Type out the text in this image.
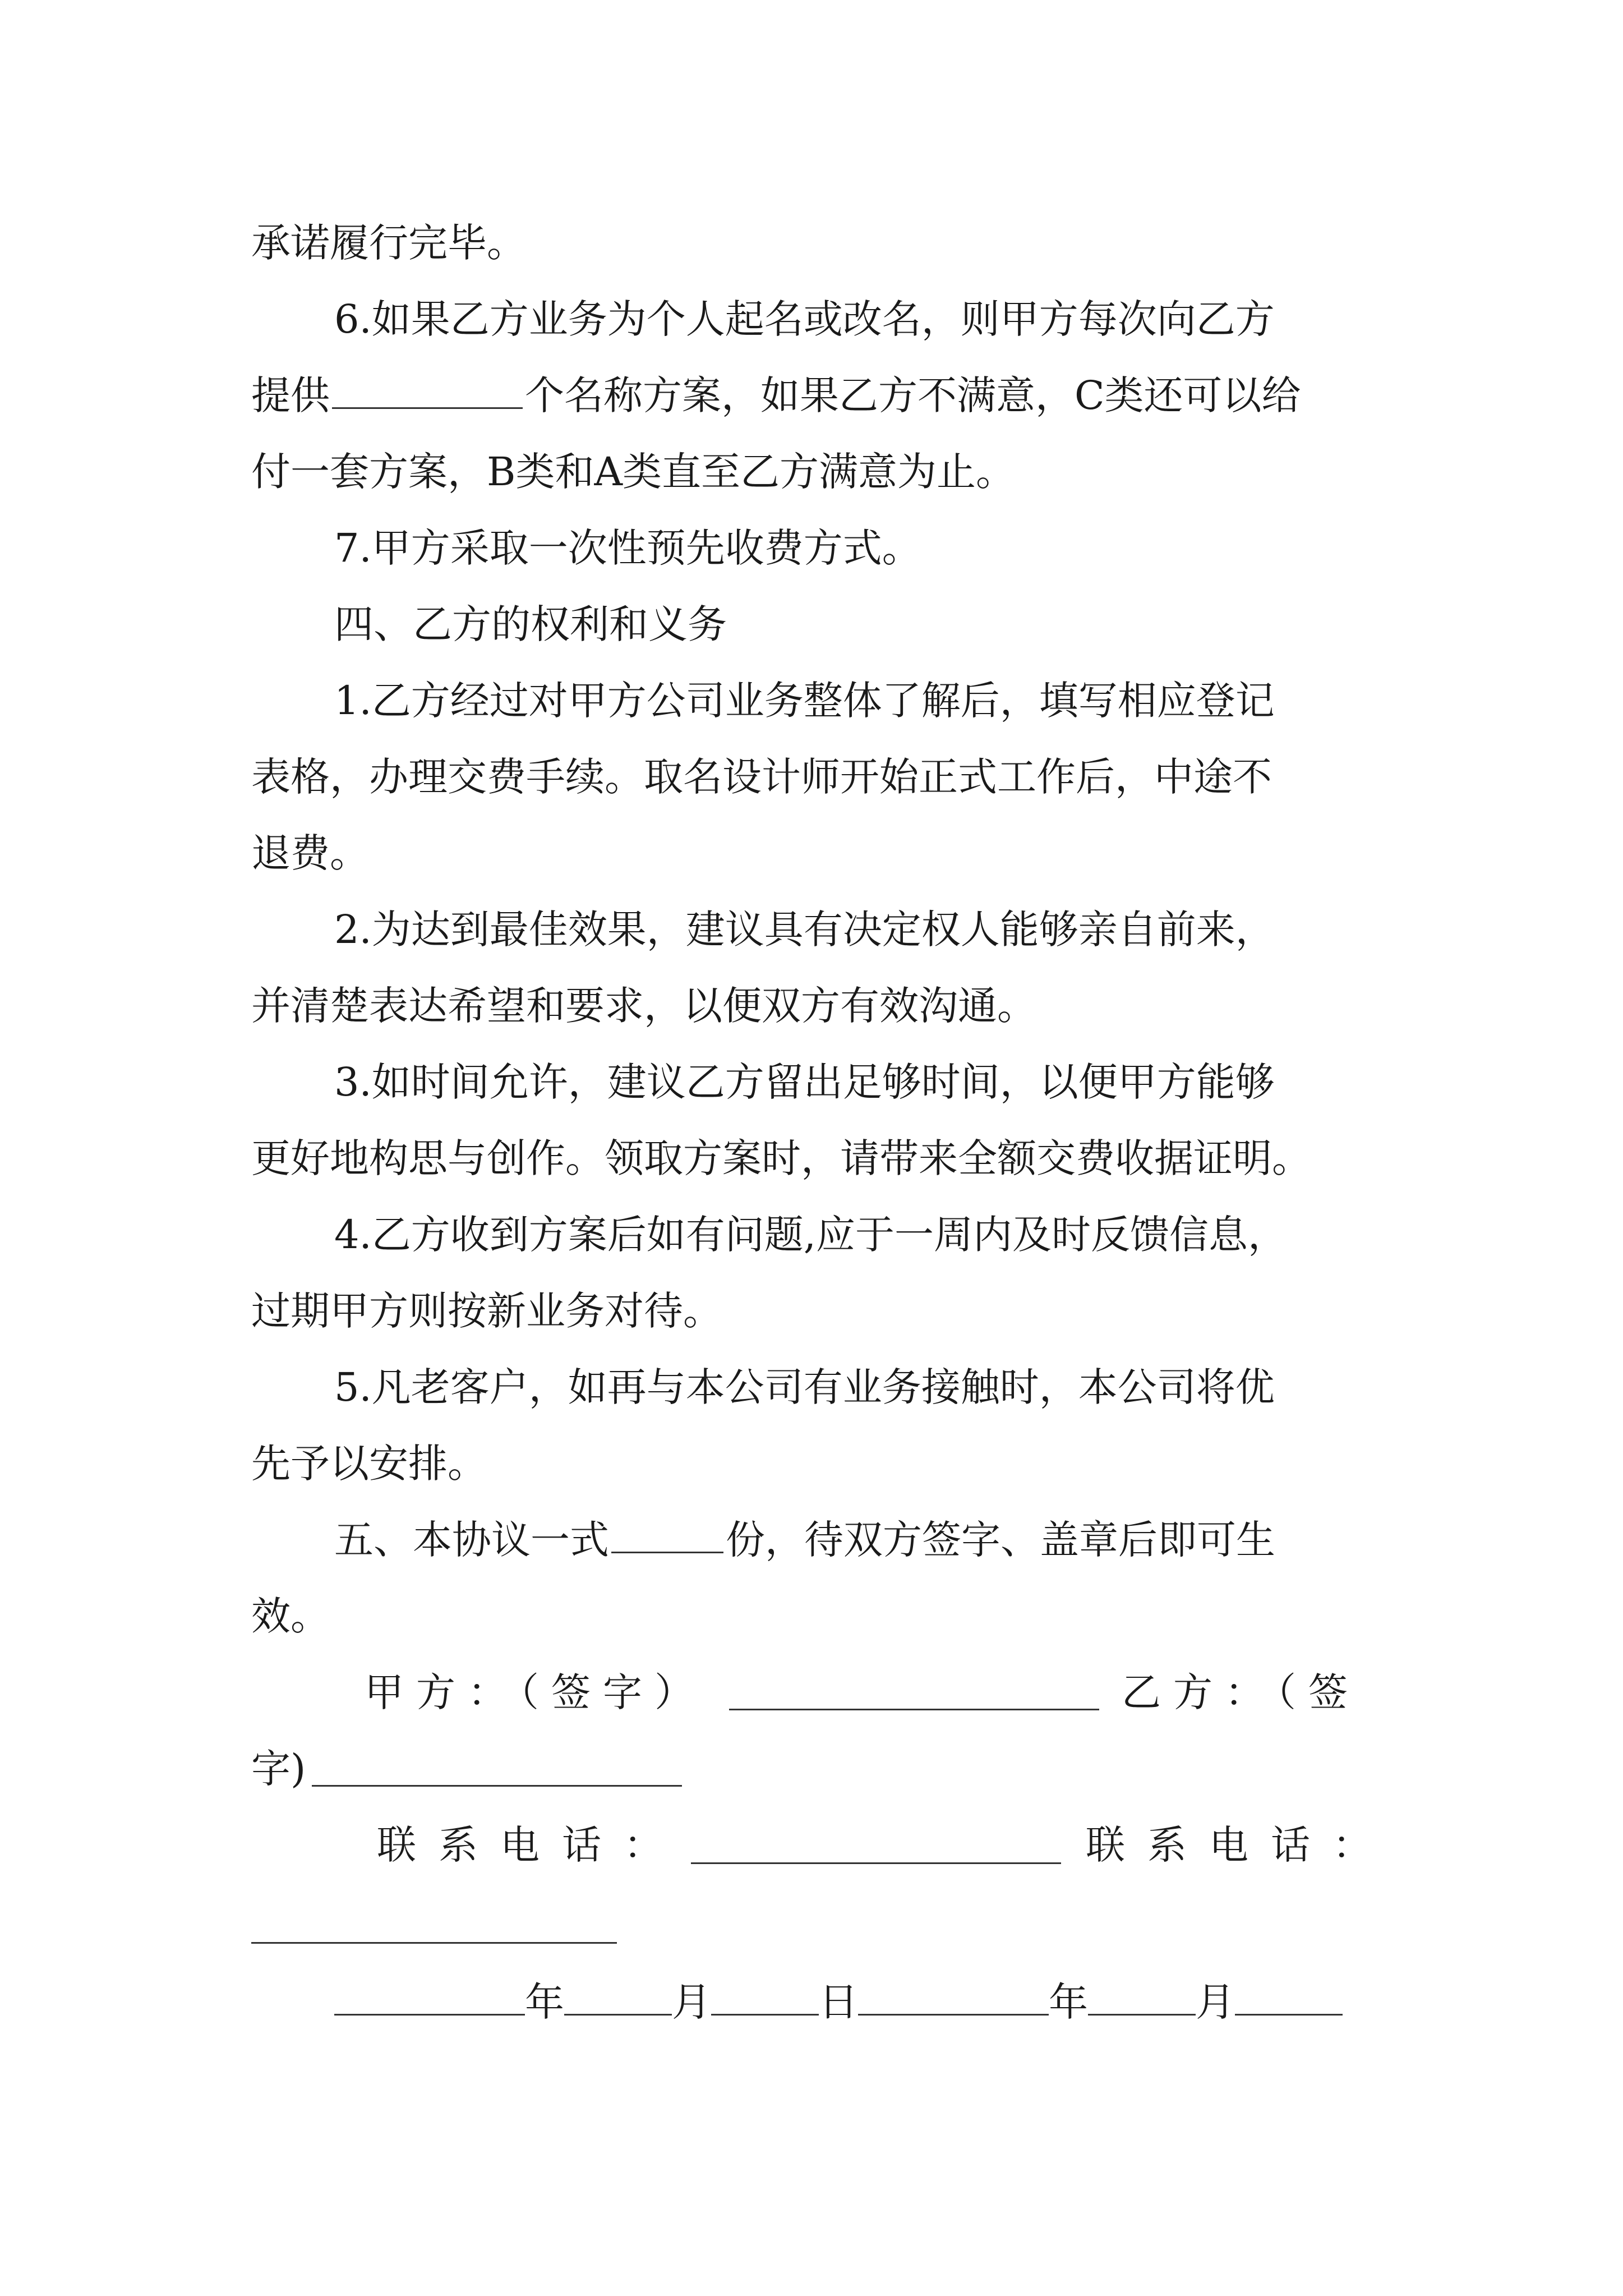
承诺履行完毕。
6.如果乙方业务为个人起名或改名，则甲方每次向乙方
提供	个名称方案，如果乙方不满意，C类还可以给
付一套方案，B类和A类直至乙方满意为止。
7.甲方采取一次性预先收费方式。
四、乙方的权利和义务
1.乙方经过对甲方公司业务整体了解后，填写相应登记
表格，办理交费手续。取名设计师开始正式工作后，中途不
退费。
2.为达到最佳效果，建议具有决定权人能够亲自前来，
并清楚表达希望和要求，以便双方有效沟通。
3.如时间允许，建议乙方留出足够时间，以便甲方能够
更好地构思与创作。领取方案时，请带来全额交费收据证明。
4.乙方收到方案后如有问题,应于一周内及时反馈信息，
过期甲方则按新业务对待。
5.凡老客户，如再与本公司有业务接触时，本公司将优
先予以安排。
五、本协议一式	份，待双方签字、盖章后即可生
效。
甲方：（签字）	乙方：（签
字)
联系电话：	联系电话：
年	月	日	年	月
